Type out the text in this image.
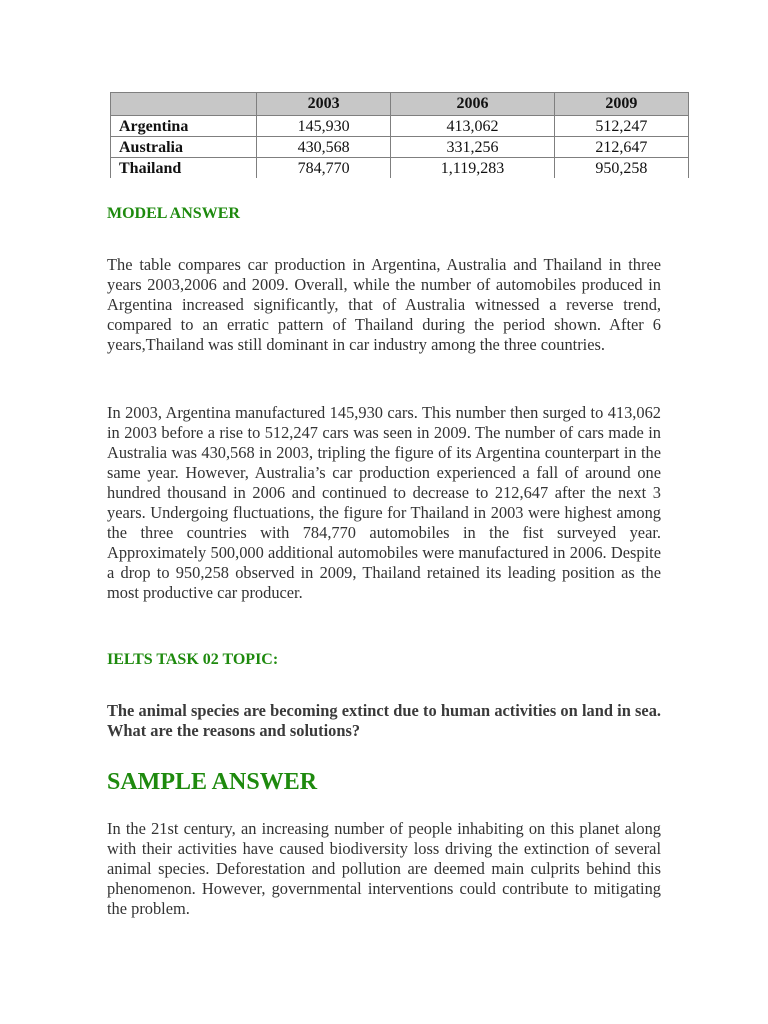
	2003	2006	2009
Argentina	145,930	413,062	512,247
Australia	430,568	331,256	212,647
Thailand	784,770	1,119,283	950,258
MODEL ANSWER

The table compares car production in Argentina, Australia and Thailand in three years 2003,2006 and 2009. Overall, while the number of automobiles produced in Argentina increased significantly, that of Australia witnessed a reverse trend, compared to an erratic pattern of Thailand during the period shown. After 6 years,Thailand was still dominant in car industry among the three countries.

In 2003, Argentina manufactured 145,930 cars. This number then surged to 413,062 in 2003 before a rise to 512,247 cars was seen in 2009. The number of cars made in Australia was 430,568 in 2003, tripling the figure of its Argentina counterpart in the same year. However, Australia’s car production experienced a fall of around one hundred thousand in 2006 and continued to decrease to 212,647 after the next 3 years. Undergoing fluctuations, the figure for Thailand in 2003 were highest among the three countries with 784,770 automobiles in the fist surveyed year. Approximately 500,000 additional automobiles were manufactured in 2006. Despite a drop to 950,258 observed in 2009, Thailand retained its leading position as the most productive car producer.

IELTS TASK 02 TOPIC:

The animal species are becoming extinct due to human activities on land in sea. What are the reasons and solutions?

SAMPLE ANSWER

In the 21st century, an increasing number of people inhabiting on this planet along with their activities have caused biodiversity loss driving the extinction of several animal species. Deforestation and pollution are deemed main culprits behind this phenomenon. However, governmental interventions could contribute to mitigating the problem.
